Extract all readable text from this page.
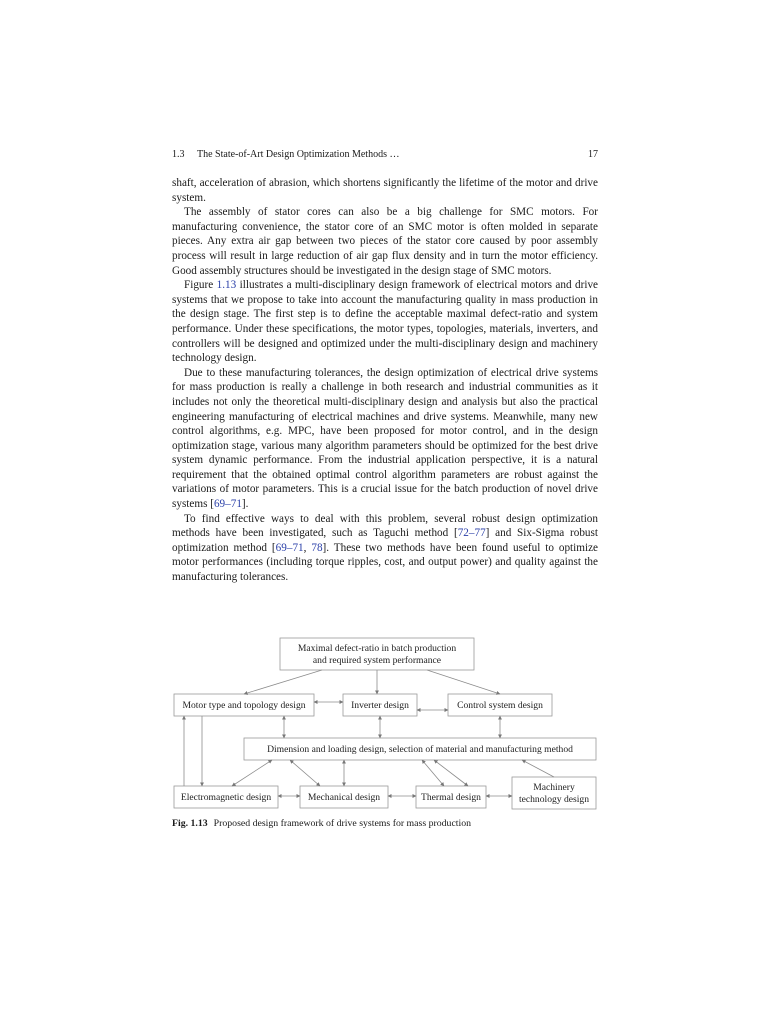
1.3 The State-of-Art Design Optimization Methods …	17

shaft, acceleration of abrasion, which shortens significantly the lifetime of the motor and drive system.

The assembly of stator cores can also be a big challenge for SMC motors. For manufacturing convenience, the stator core of an SMC motor is often molded in separate pieces. Any extra air gap between two pieces of the stator core caused by poor assembly process will result in large reduction of air gap flux density and in turn the motor efficiency. Good assembly structures should be investigated in the design stage of SMC motors.

Figure 1.13 illustrates a multi-disciplinary design framework of electrical motors and drive systems that we propose to take into account the manufacturing quality in mass production in the design stage. The first step is to define the acceptable maximal defect-ratio and system performance. Under these specifications, the motor types, topologies, materials, inverters, and controllers will be designed and optimized under the multi-disciplinary design and machinery technology design.

Due to these manufacturing tolerances, the design optimization of electrical drive systems for mass production is really a challenge in both research and industrial communities as it includes not only the theoretical multi-disciplinary design and analysis but also the practical engineering manufacturing of electrical machines and drive systems. Meanwhile, many new control algorithms, e.g. MPC, have been proposed for motor control, and in the design optimization stage, various many algorithm parameters should be optimized for the best drive system dynamic performance. From the industrial application perspective, it is a natural requirement that the obtained optimal control algorithm parameters are robust against the variations of motor parameters. This is a crucial issue for the batch production of novel drive systems [69–71].

To find effective ways to deal with this problem, several robust design optimization methods have been investigated, such as Taguchi method [72–77] and Six-Sigma robust optimization method [69–71, 78]. These two methods have been found useful to optimize motor performances (including torque ripples, cost, and output power) and quality against the manufacturing tolerances.

Maximal defect-ratio in batch production
and required system performance
Motor type and topology design	Inverter design	Control system design
Dimension and loading design, selection of material and manufacturing method
Electromagnetic design	Mechanical design	Thermal design
Machinery
technology design
Fig. 1.13 Proposed design framework of drive systems for mass production
